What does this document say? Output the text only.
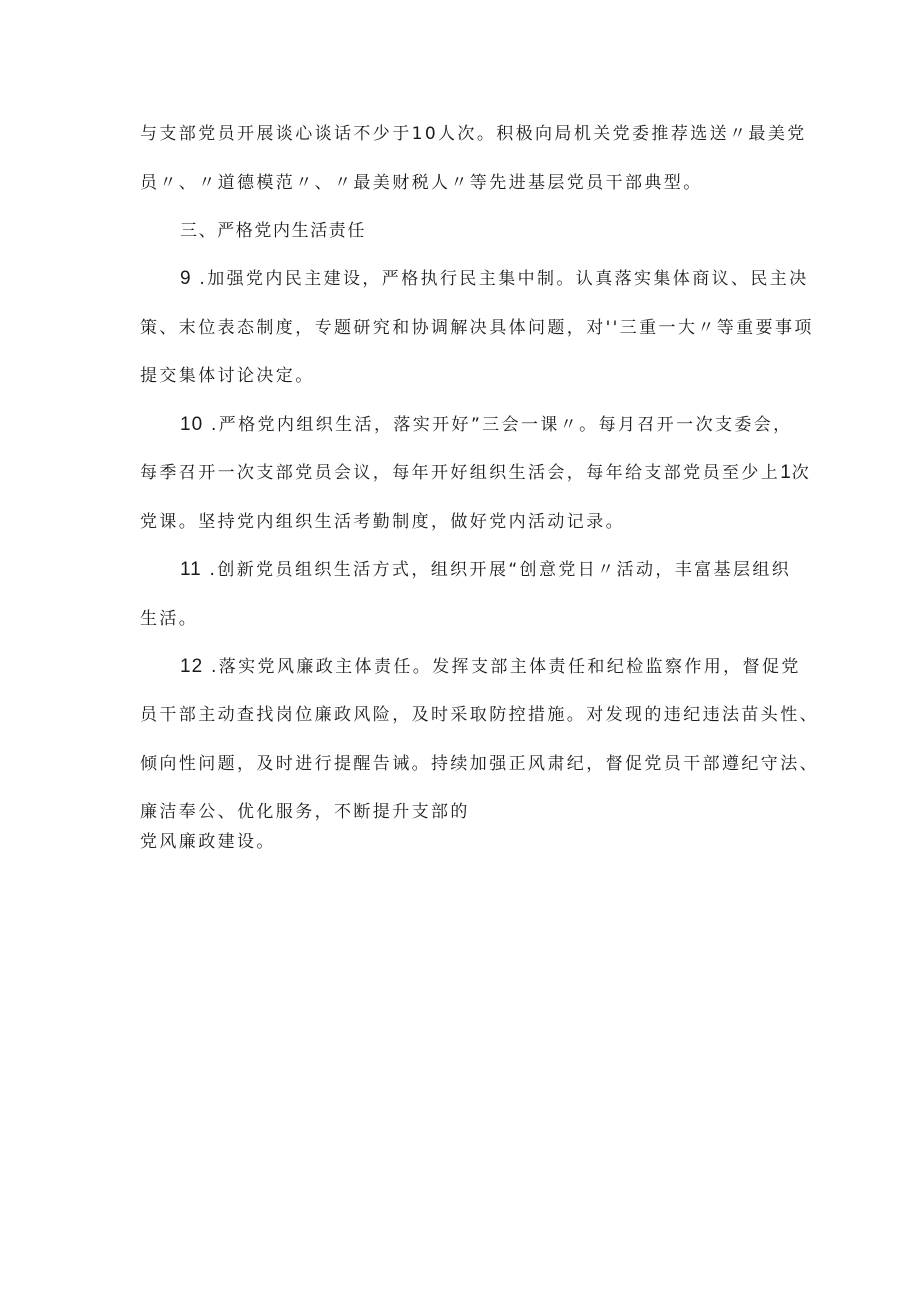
与支部党员开展谈心谈话不少于10人次。积极向局机关党委推荐选送〃最美党
员〃、〃道德模范〃、〃最美财税人〃等先进基层党员干部典型。
三、严格党内生活责任
9 .加强党内民主建设，严格执行民主集中制。认真落实集体商议、民主决
策、末位表态制度，专题研究和协调解决具体问题，对''三重一大〃等重要事项
提交集体讨论决定。
10 .严格党内组织生活，落实开好”三会一课〃。每月召开一次支委会，
每季召开一次支部党员会议，每年开好组织生活会，每年给支部党员至少上1次
党课。坚持党内组织生活考勤制度，做好党内活动记录。
11 .创新党员组织生活方式，组织开展“创意党日〃活动，丰富基层组织
生活。
12 .落实党风廉政主体责任。发挥支部主体责任和纪检监察作用，督促党
员干部主动查找岗位廉政风险，及时采取防控措施。对发现的违纪违法苗头性、
倾向性问题，及时进行提醒告诫。持续加强正风肃纪，督促党员干部遵纪守法、
廉洁奉公、优化服务，不断提升支部的
党风廉政建设。
